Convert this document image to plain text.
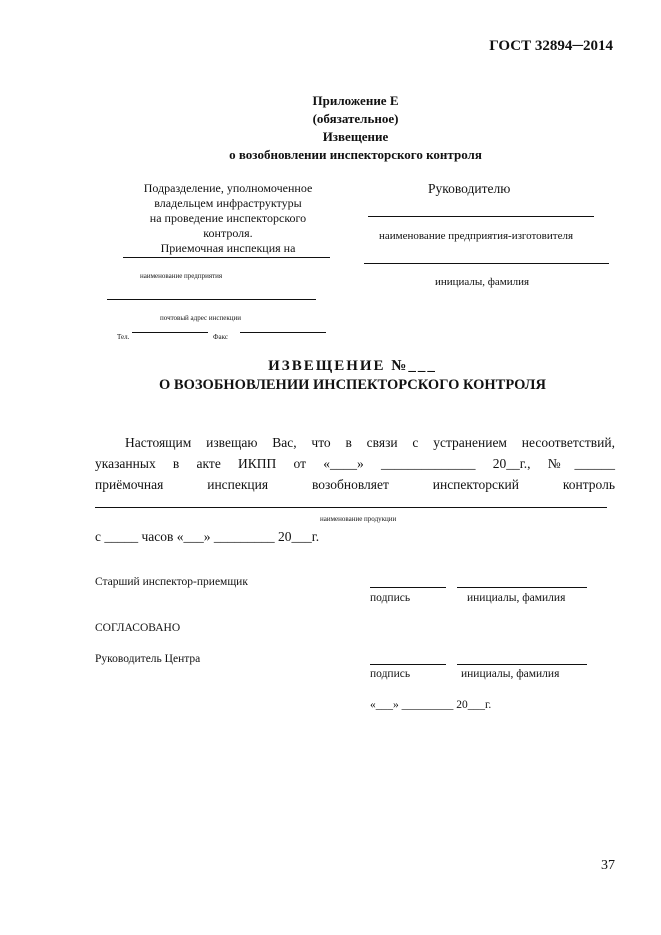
ГОСТ 32894─2014
Приложение Е
(обязательное)
Извещение
о возобновлении инспекторского контроля
Подразделение, уполномоченное
владельцем инфраструктуры
на проведение инспекторского
контроля.
Приемочная инспекция на
наименование предприятия
почтовый адрес инспекции
Тел.	Факс
Руководителю
наименование предприятия-изготовителя
инициалы, фамилия
ИЗВЕЩЕНИЕ №___
О ВОЗОБНОВЛЕНИИ ИНСПЕКТОРСКОГО КОНТРОЛЯ
Настоящим извещаю Вас, что в связи с устранением несоответствий,
указанных в акте ИКПП от «____» ______________ 20__г., №______
приёмочная инспекция возобновляет инспекторский контроль
наименование продукции
с _____ часов «___» _________ 20___г.
Старший инспектор-приемщик
подпись	инициалы, фамилия
СОГЛАСОВАНО
Руководитель Центра
подпись	инициалы, фамилия
«___» _________ 20___г.
37
